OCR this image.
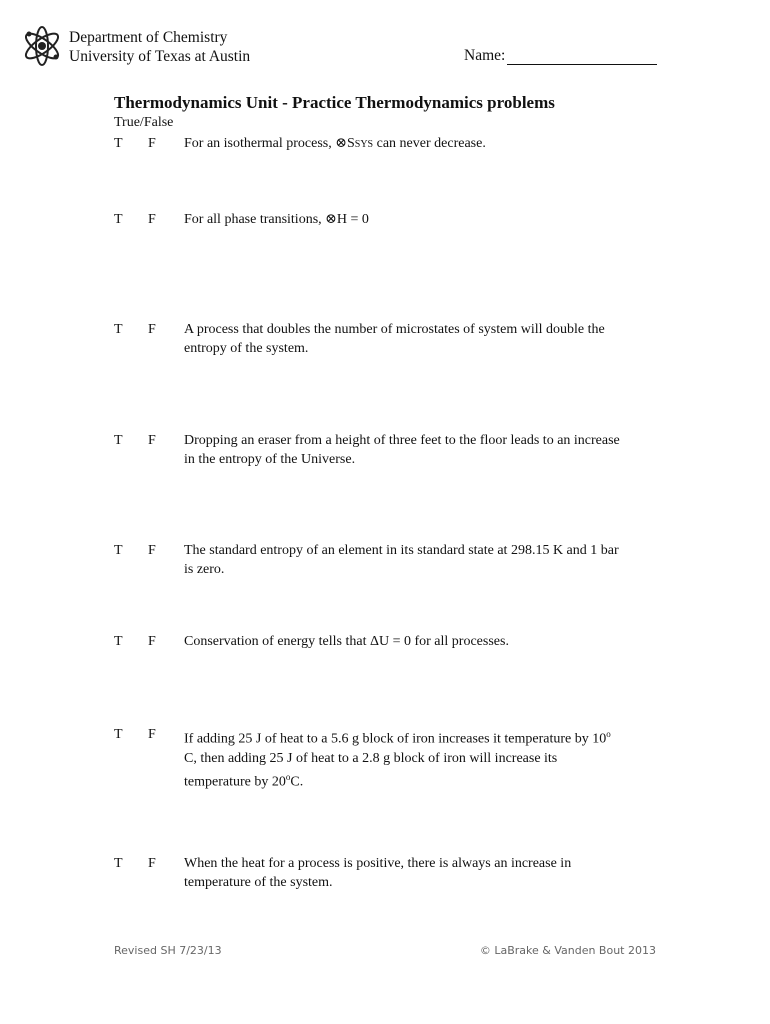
Department of Chemistry
University of Texas at Austin	Name:
Thermodynamics Unit - Practice Thermodynamics problems
True/False
T F For an isothermal process, ⊗SSYS can never decrease.
T F For all phase transitions, ⊗H = 0
T F A process that doubles the number of microstates of system will double the
entropy of the system.
T F Dropping an eraser from a height of three feet to the floor leads to an increase
in the entropy of the Universe.
T F The standard entropy of an element in its standard state at 298.15 K and 1 bar
is zero.
T F Conservation of energy tells that ΔU = 0 for all processes.
T F If adding 25 J of heat to a 5.6 g block of iron increases it temperature by 10$^o$
C, then adding 25 J of heat to a 2.8 g block of iron will increase its
temperature by 20$^o$C.
T F When the heat for a process is positive, there is always an increase in
temperature of the system.
Revised SH 7/23/13	© LaBrake & Vanden Bout 2013
